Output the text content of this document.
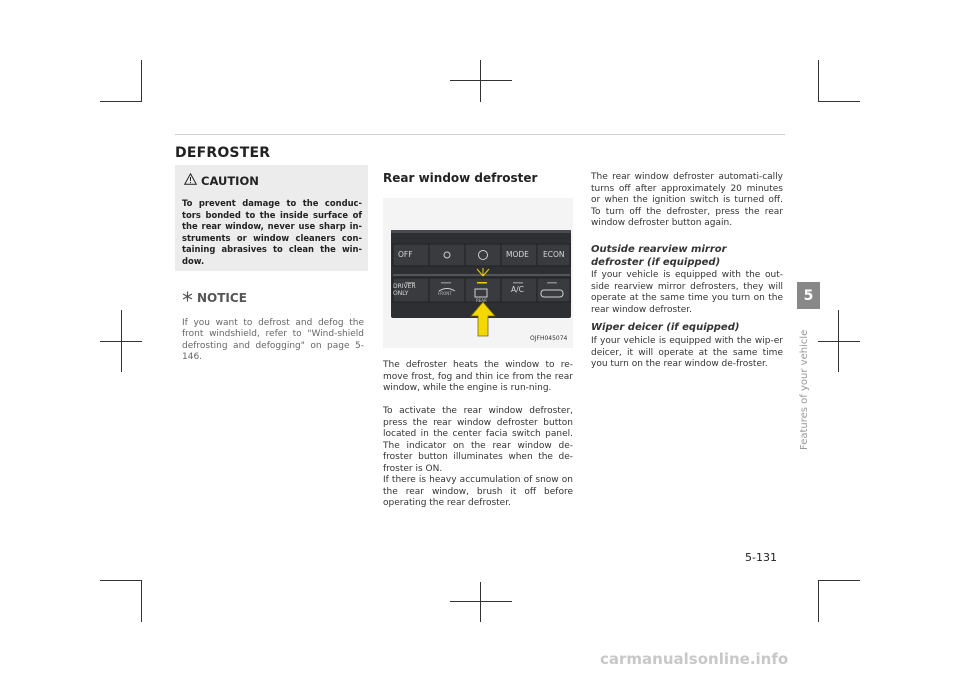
DEFROSTER
CAUTION
To prevent damage to the conduc-tors bonded to the inside surface of the rear window, never use sharp in-struments or window cleaners con-taining abrasives to clean the win-dow.
NOTICE
If you want to defrost and defog the front windshield, refer to "Wind-shield defrosting and defogging" on page 5-146.
Rear window defroster
OFF	MODE ECON
DRIVER ONLY	FRONT
REAR
A/C
OJFH045074
The defroster heats the window to re-move frost, fog and thin ice from the rear window, while the engine is run-ning.
To activate the rear window defroster, press the rear window defroster button located in the center facia switch panel. The indicator on the rear window de-froster button illuminates when the de-froster is ON.
If there is heavy accumulation of snow on the rear window, brush it off before operating the rear defroster.
The rear window defroster automati-cally turns off after approximately 20 minutes or when the ignition switch is turned off. To turn off the defroster, press the rear window defroster button again.
Outside rearview mirror defroster (if equipped)
If your vehicle is equipped with the out-side rearview mirror defrosters, they will operate at the same time you turn on the rear window defroster.
Wiper deicer (if equipped)
If your vehicle is equipped with the wip-er deicer, it will operate at the same time you turn on the rear window de-froster.
5
Features of your vehicle
5-131
carmanualsonline.info
